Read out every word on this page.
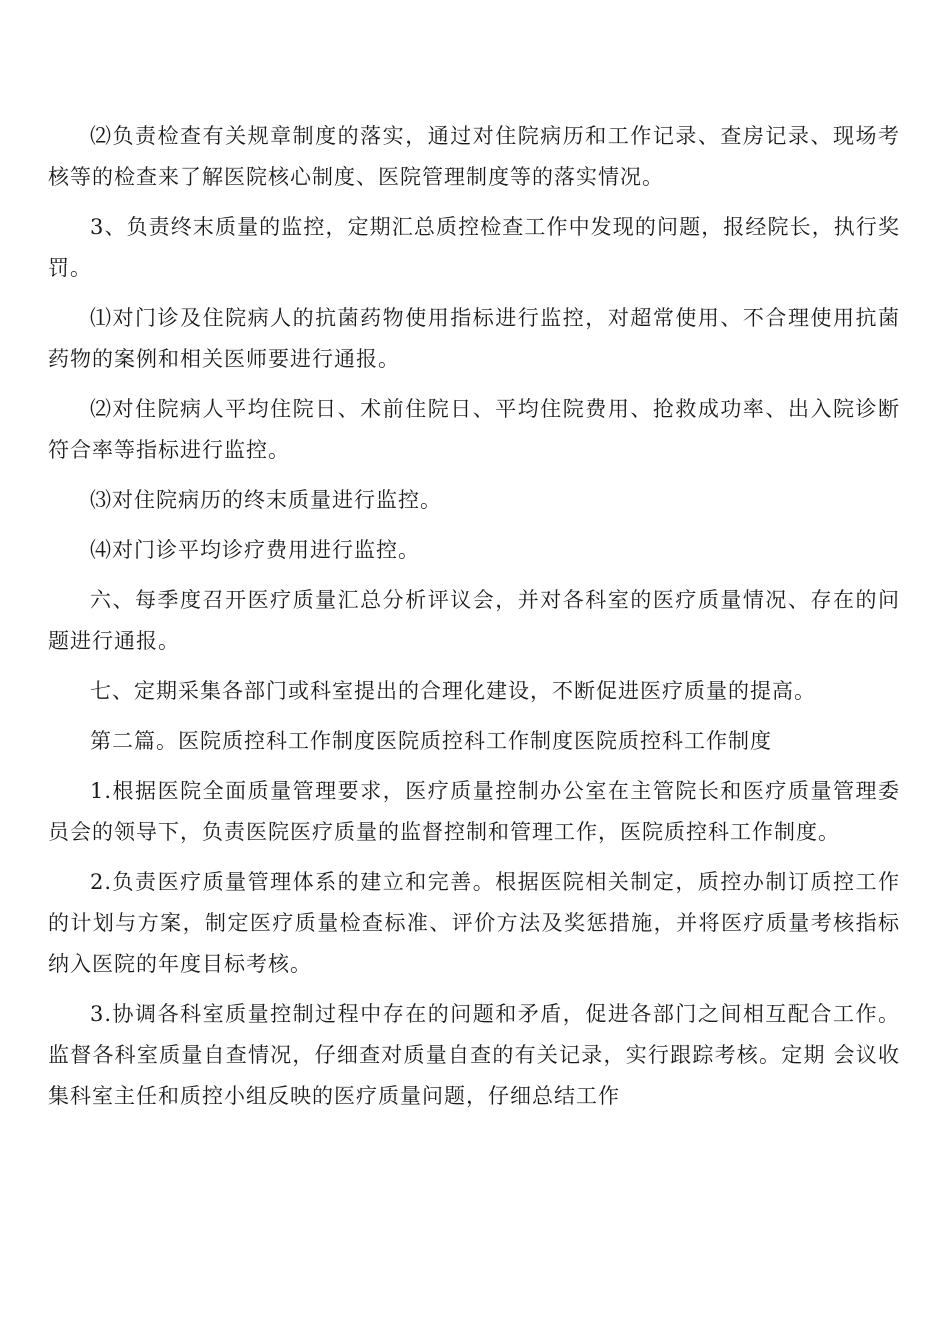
⑵负责检查有关规章制度的落实，通过对住院病历和工作记录、查房记录、现场考核等的检查来了解医院核心制度、医院管理制度等的落实情况。

3、负责终末质量的监控，定期汇总质控检查工作中发现的问题，报经院长，执行奖罚。

⑴对门诊及住院病人的抗菌药物使用指标进行监控，对超常使用、不合理使用抗菌药物的案例和相关医师要进行通报。

⑵对住院病人平均住院日、术前住院日、平均住院费用、抢救成功率、出入院诊断符合率等指标进行监控。

⑶对住院病历的终末质量进行监控。

⑷对门诊平均诊疗费用进行监控。

六、每季度召开医疗质量汇总分析评议会，并对各科室的医疗质量情况、存在的问题进行通报。

七、定期采集各部门或科室提出的合理化建设，不断促进医疗质量的提高。

第二篇。医院质控科工作制度医院质控科工作制度医院质控科工作制度

1.根据医院全面质量管理要求，医疗质量控制办公室在主管院长和医疗质量管理委员会的领导下，负责医院医疗质量的监督控制和管理工作，医院质控科工作制度。

2.负责医疗质量管理体系的建立和完善。根据医院相关制定，质控办制订质控工作的计划与方案，制定医疗质量检查标准、评价方法及奖惩措施，并将医疗质量考核指标纳入医院的年度目标考核。

3.协调各科室质量控制过程中存在的问题和矛盾，促进各部门之间相互配合工作。监督各科室质量自查情况，仔细查对质量自查的有关记录，实行跟踪考核。定期 会议收集科室主任和质控小组反映的医疗质量问题，仔细总结工作
